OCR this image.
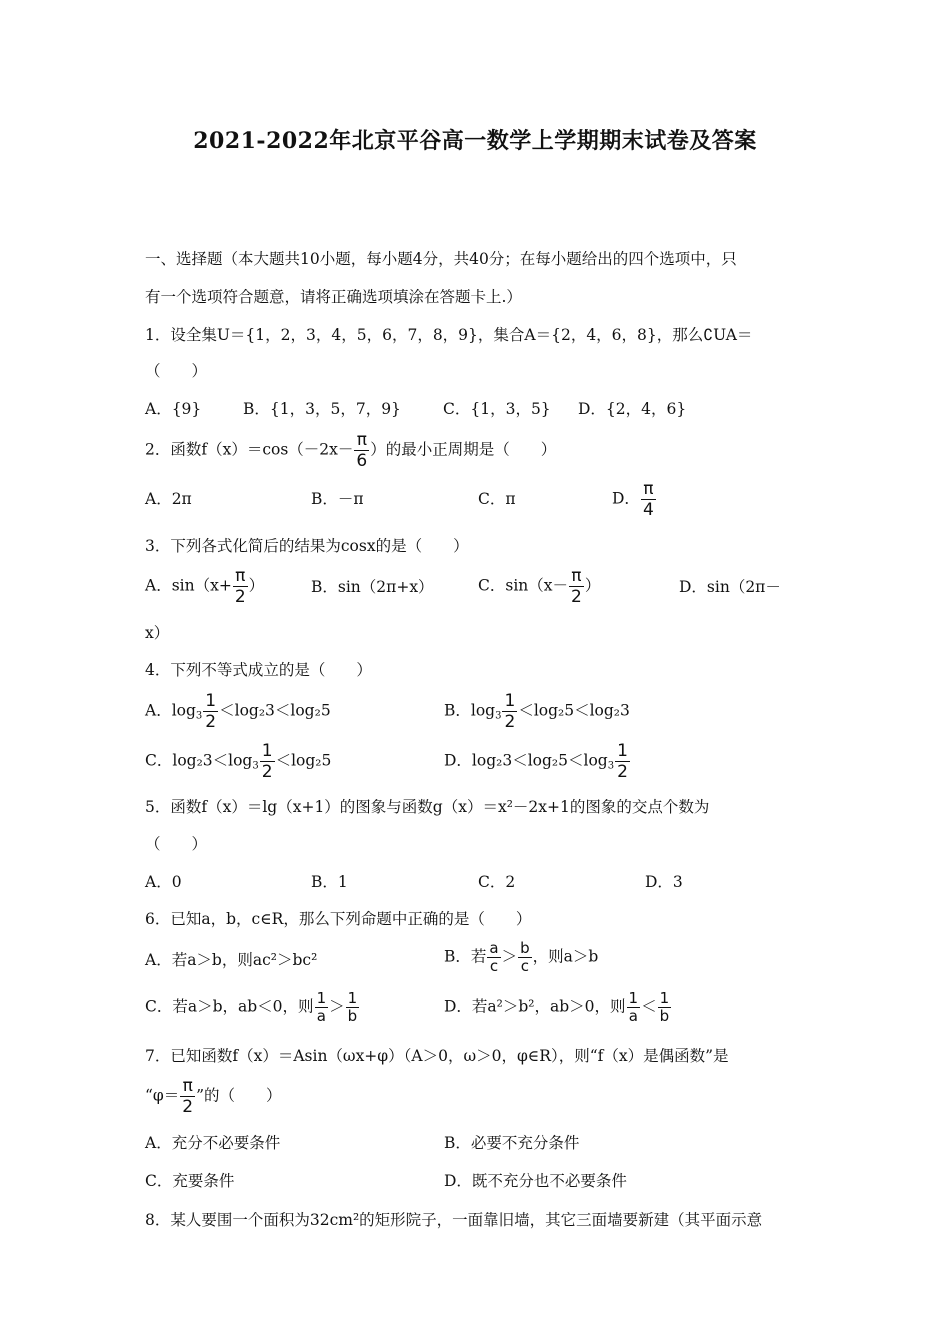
2021-2022年北京平谷高一数学上学期期末试卷及答案
一、选择题（本大题共10小题，每小题4分，共40分；在每小题给出的四个选项中，只
有一个选项符合题意，请将正确选项填涂在答题卡上.）
1．设全集U＝{1，2，3，4，5，6，7，8，9}，集合A＝{2，4，6，8}，那么∁UA＝
（　　）
A．{9}	B．{1，3，5，7，9}	C．{1，3，5} D．{2，4，6}
2．函数$f(x)=\cos(-2x- \frac{\pi}{6}$ ）的最小正周期是（　　）
A．2π	B．－π	C．π	D． $\frac{\pi}{4}$
3．下列各式化简后的结果为cosx的是（　　）
A．$\sin(x+ \frac{\pi}{2}$ ）	B．sin（2π+x）	C．$\sin(x- \frac{\pi}{2}$ ）	D．sin（2π－
x）
4．下列不等式成立的是（　　）
A．$\log_3 \frac{1}{2} <\log_23<\log_25$	B．$\log_3 \frac{1}{2} <\log_25<\log_23$
C．$\log_23<\log_3 \frac{1}{2} <\log_25$	D．$\log_23<\log_25<\log_3 \frac{1}{2}$
5．函数f（x）＝lg（x+1）的图象与函数g（x）＝x²－2x+1的图象的交点个数为
（　　）
A．0	B．1	C．2	D．3
6．已知a，b，c∈R，那么下列命题中正确的是（　　）
A．若a＞b，则ac²＞bc²	B．若 $\frac{a}{c} > \frac{b}{c}$ ，则a＞b
C．若a＞b，ab＜0，则 $\frac{1}{a} > \frac{1}{b}$	D．若a²＞b²，ab＞0，则 $\frac{1}{a} < \frac{1}{b}$
7．已知函数f（x）＝Asin（ωx+φ）（A＞0，ω＞0，φ∈R），则“f（x）是偶函数”是
“$\varphi= \frac{\pi}{2}$ ”的（　　）
A．充分不必要条件	B．必要不充分条件
C．充要条件	D．既不充分也不必要条件
8．某人要围一个面积为32cm²的矩形院子，一面靠旧墙，其它三面墙要新建（其平面示意
